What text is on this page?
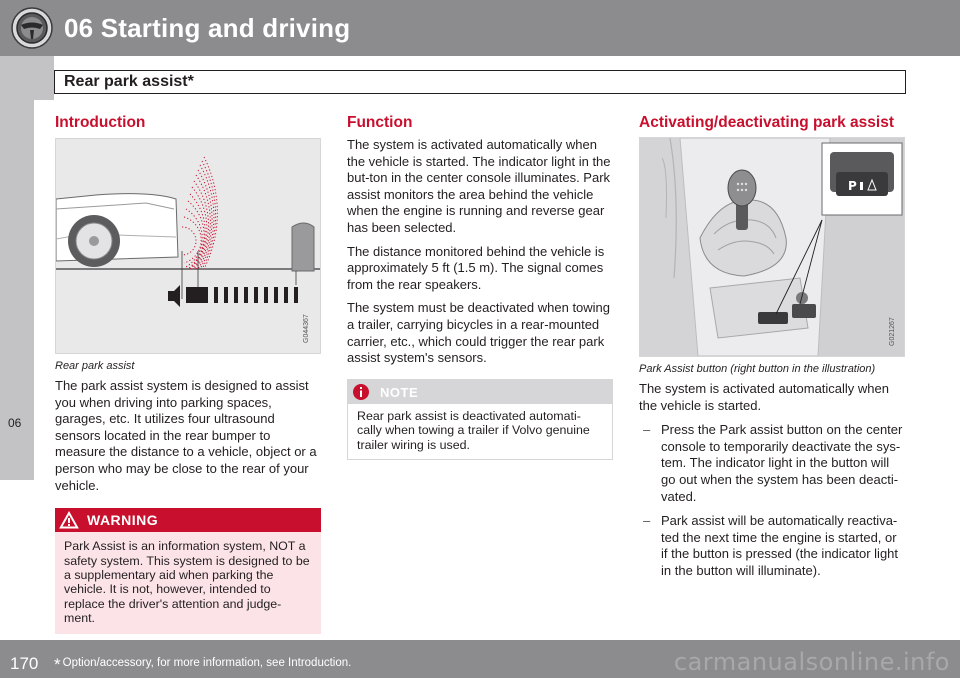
06 Starting and driving
Rear park assist*
06
Introduction
G044367
Rear park assist

The park assist system is designed to assist you when driving into parking spaces, garages, etc. It utilizes four ultrasound sensors located in the rear bumper to measure the distance to a vehicle, object or a person who may be close to the rear of your vehicle.

WARNING
Park Assist is an information system, NOT a safety system. This system is designed to be a supplementary aid when parking the vehicle. It is not, however, intended to replace the driver's attention and judge-ment.
Function

The system is activated automatically when the vehicle is started. The indicator light in the but-ton in the center console illuminates. Park assist monitors the area behind the vehicle when the engine is running and reverse gear has been selected.

The distance monitored behind the vehicle is approximately 5 ft (1.5 m). The signal comes from the rear speakers.

The system must be deactivated when towing a trailer, carrying bicycles in a rear-mounted carrier, etc., which could trigger the rear park assist system's sensors.

NOTE
Rear park assist is deactivated automati-cally when towing a trailer if Volvo genuine trailer wiring is used.
Activating/deactivating park assist
P
G021267
Park Assist button (right button in the illustration)

The system is activated automatically when the vehicle is started.

– Press the Park assist button on the center console to temporarily deactivate the sys-tem. The indicator light in the button will go out when the system has been deacti-vated.
– Park assist will be automatically reactiva-ted the next time the engine is started, or if the button is pressed (the indicator light in the button will illuminate).
170 * Option/accessory, for more information, see Introduction.	carmanualsonline.info
